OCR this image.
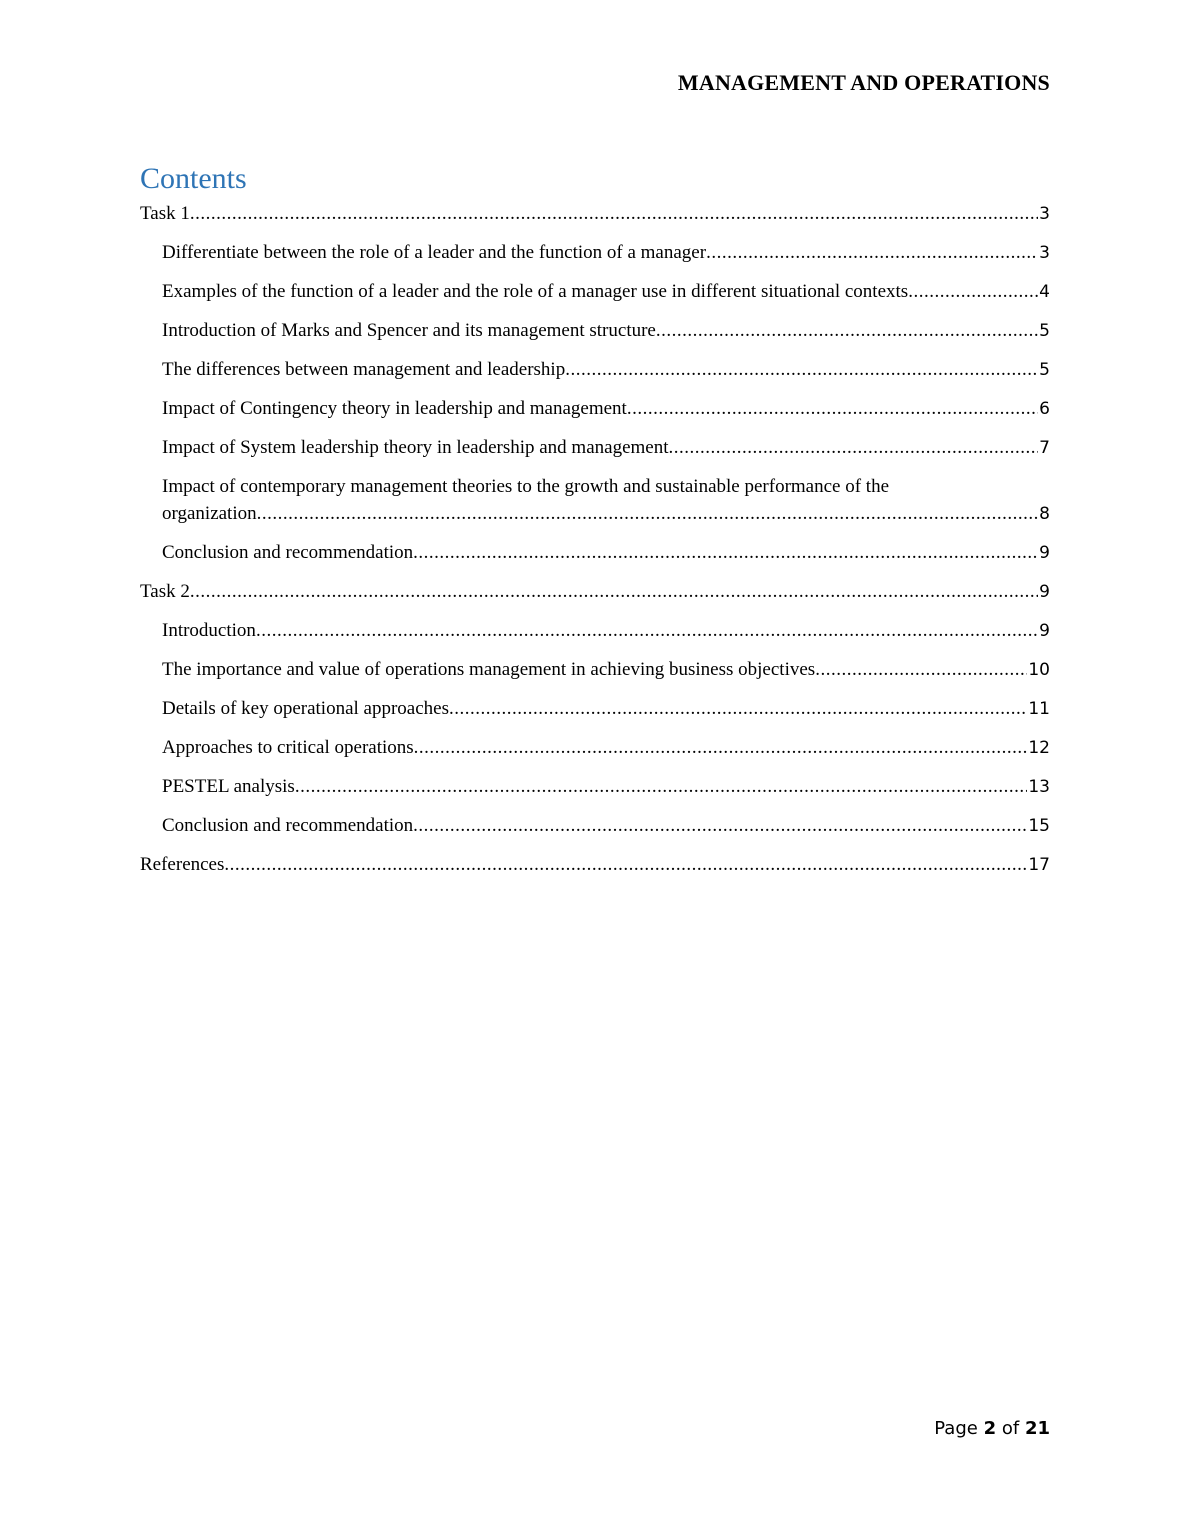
MANAGEMENT AND OPERATIONS
Contents
Task 1 .....	3
Differentiate between the role of a leader and the function of a manager .....	3
Examples of the function of a leader and the role of a manager use in different situational contexts .....	4
Introduction of Marks and Spencer and its management structure .....	5
The differences between management and leadership .....	5
Impact of Contingency theory in leadership and management .....	6
Impact of System leadership theory in leadership and management .....	7
Impact of contemporary management theories to the growth and sustainable performance of the
organization .....	8
Conclusion and recommendation .....	9
Task 2 .....	9
Introduction .....	9
The importance and value of operations management in achieving business objectives .....	10
Details of key operational approaches .....	11
Approaches to critical operations .....	12
PESTEL analysis .....	13
Conclusion and recommendation .....	15
References .....	17
Page 2 of 21
